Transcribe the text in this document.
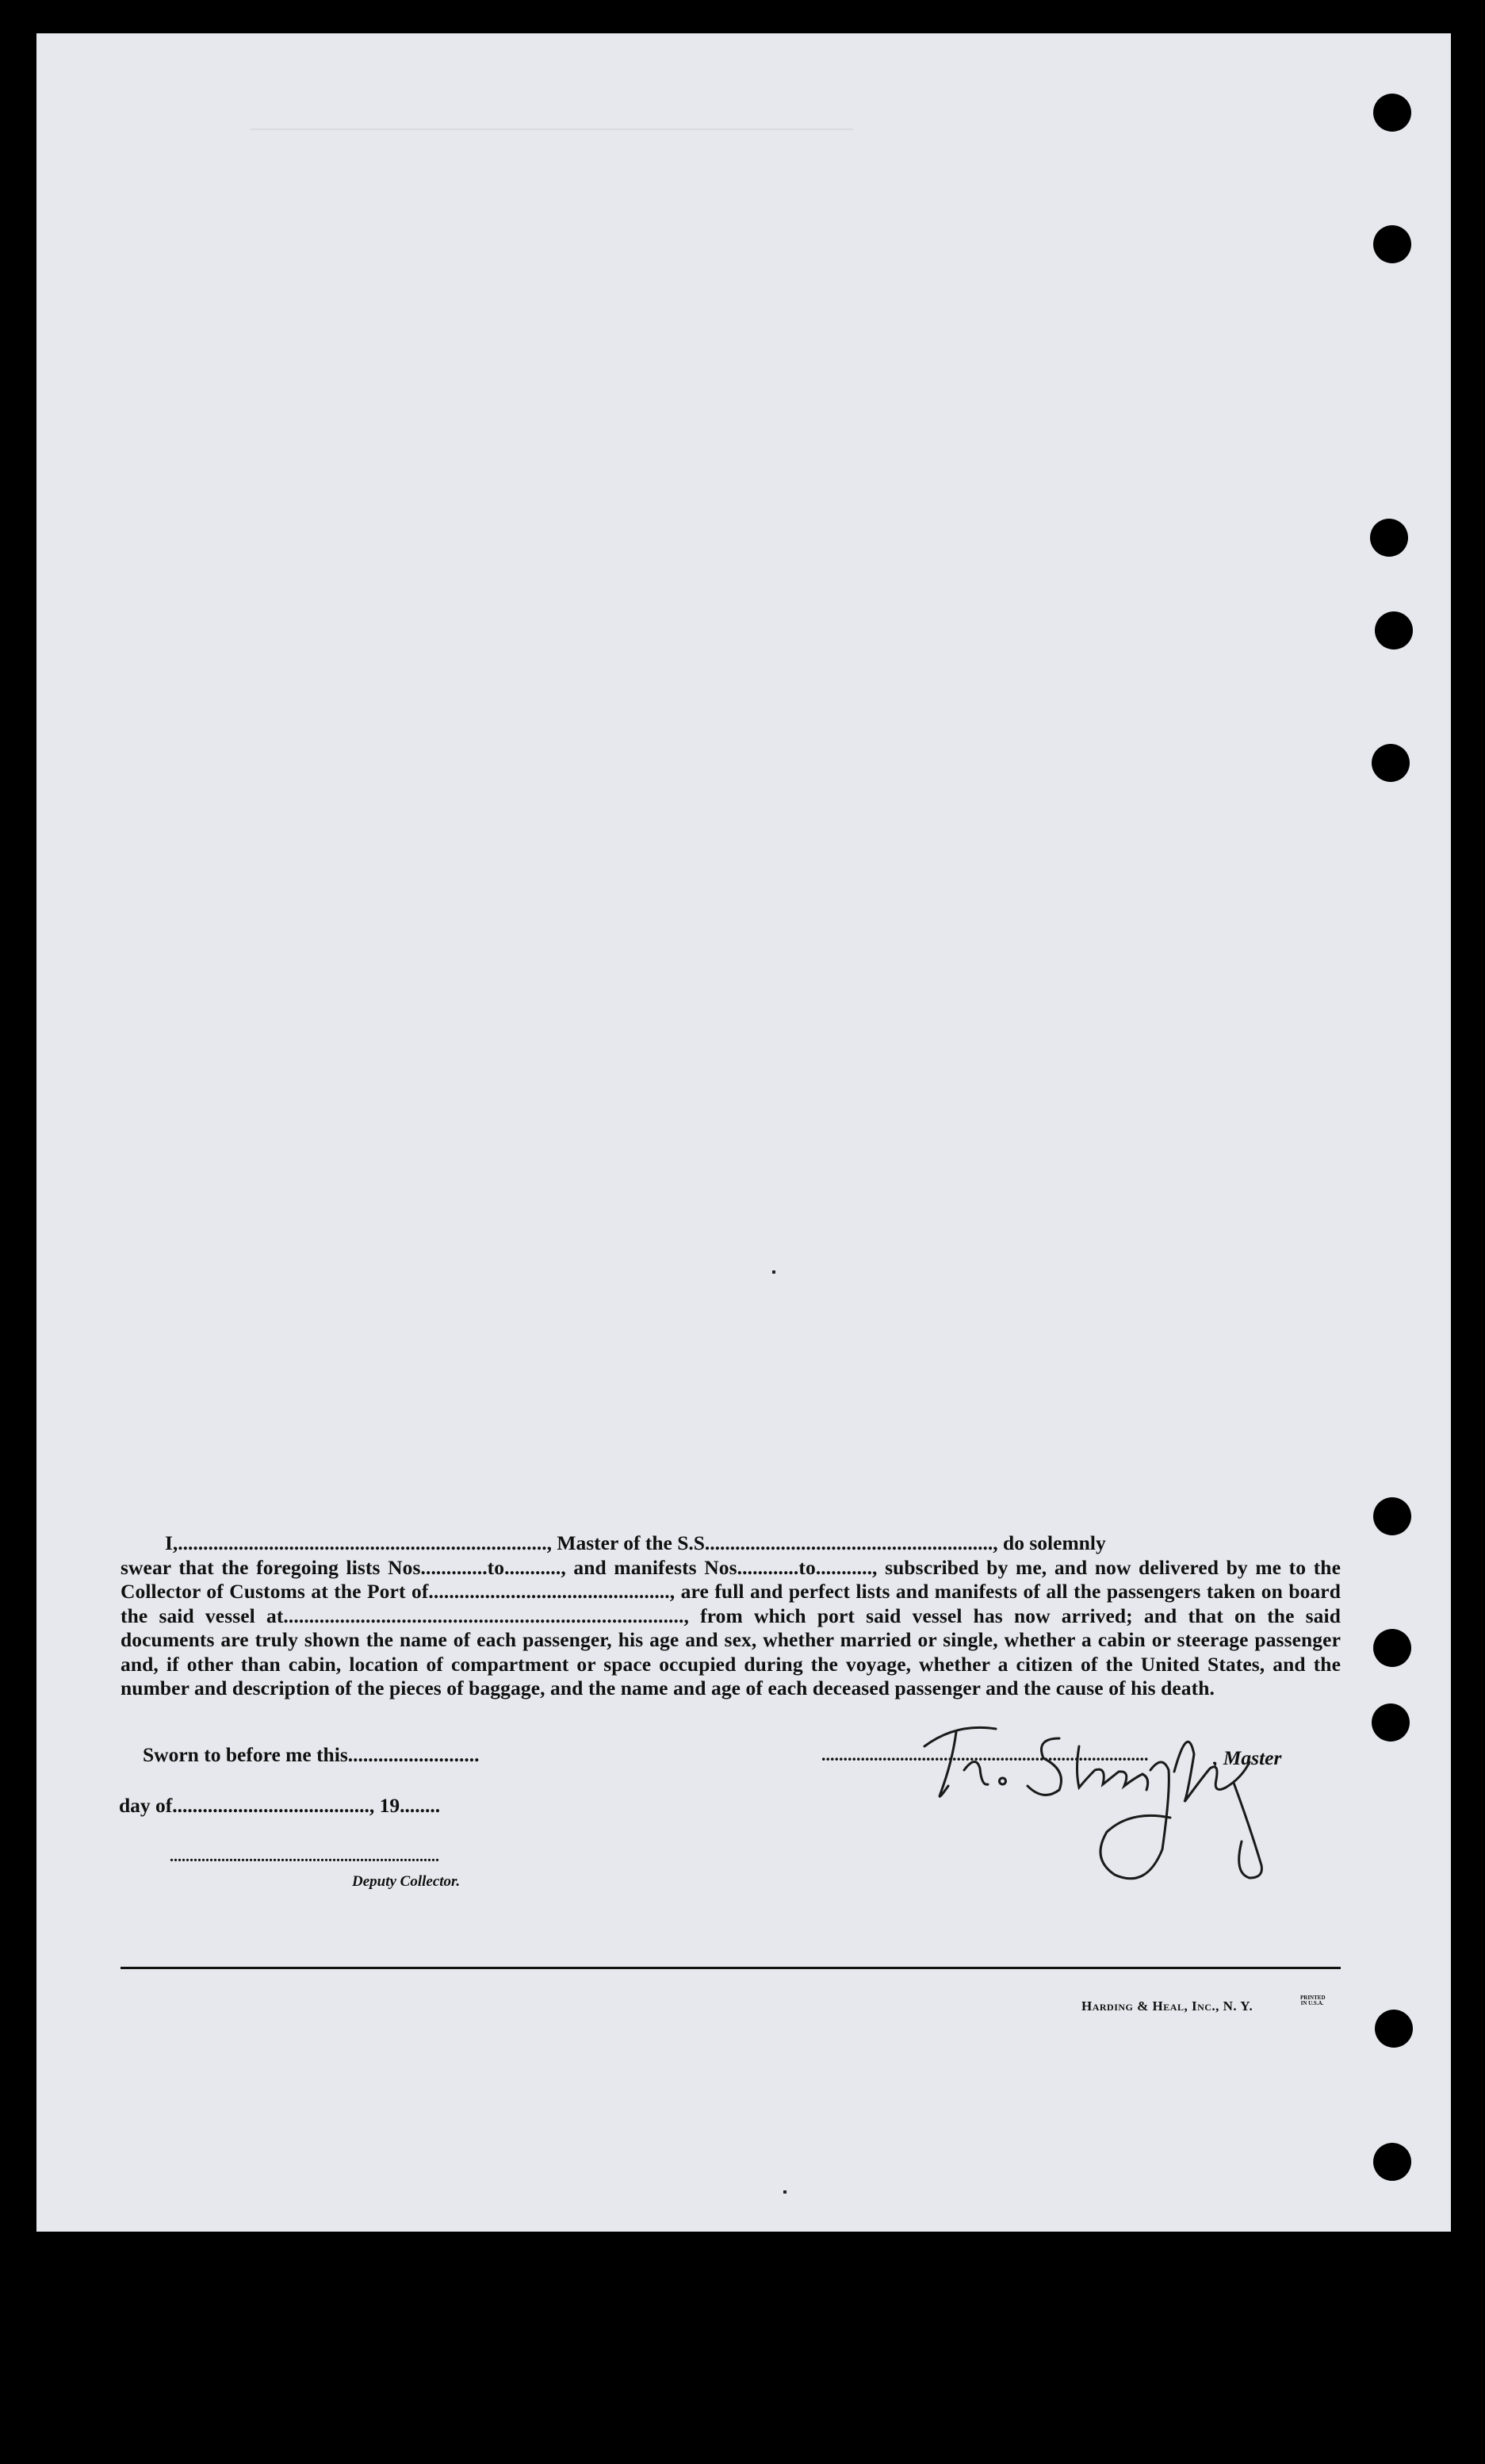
I,........................................................................., Master of the S.S........................................................., do solemnly

swear that the foregoing lists Nos.............to..........., and manifests Nos............to..........., subscribed by me, and now delivered by me to the Collector of Customs at the Port of..............................................., are full and perfect lists and manifests of all the passengers taken on board the said vessel at.............................................................................., from which port said vessel has now arrived; and that on the said documents are truly shown the name of each passenger, his age and sex, whether married or single, whether a cabin or steerage passenger and, if other than cabin, location of compartment or space occupied during the voyage, whether a citizen of the United States, and the number and description of the pieces of baggage, and the name and age of each deceased passenger and the cause of his death.

Sworn to before me this..........................
day of......................................., 19........
....................................................................
Deputy Collector.
...........................................................................	, Master
Harding & Heal, Inc., N. Y.
PRINTED IN U.S.A.
